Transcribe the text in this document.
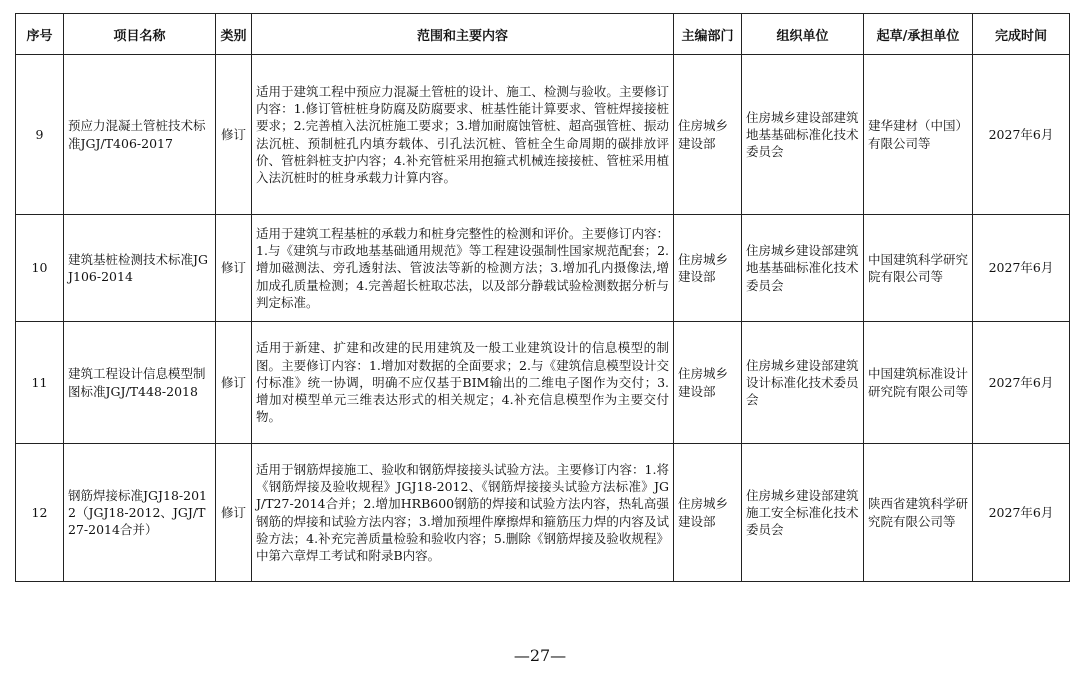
序号	项目名称	类别	范围和主要内容	主编部门	组织单位	起草/承担单位	完成时间
9	预应力混凝土管桩技术标准JGJ/T406-2017	修订	适用于建筑工程中预应力混凝土管桩的设计、施工、检测与验收。主要修订内容：1.修订管桩桩身防腐及防腐要求、桩基性能计算要求、管桩焊接接桩要求；2.完善植入法沉桩施工要求；3.增加耐腐蚀管桩、超高强管桩、振动法沉桩、预制桩孔内填夯载体、引孔法沉桩、管桩全生命周期的碳排放评价、管桩斜桩支护内容；4.补充管桩采用抱箍式机械连接接桩、管桩采用植入法沉桩时的桩身承载力计算内容。	住房城乡建设部	住房城乡建设部建筑地基基础标准化技术委员会	建华建材（中国）有限公司等	2027年6月
10	建筑基桩检测技术标准JGJ106-2014	修订	适用于建筑工程基桩的承载力和桩身完整性的检测和评价。主要修订内容：1.与《建筑与市政地基基础通用规范》等工程建设强制性国家规范配套；2.增加磁测法、旁孔透射法、管波法等新的检测方法；3.增加孔内摄像法,增加成孔质量检测；4.完善超长桩取芯法，以及部分静载试验检测数据分析与判定标准。	住房城乡建设部	住房城乡建设部建筑地基基础标准化技术委员会	中国建筑科学研究院有限公司等	2027年6月
11	建筑工程设计信息模型制图标准JGJ/T448-2018	修订	适用于新建、扩建和改建的民用建筑及一般工业建筑设计的信息模型的制图。主要修订内容：1.增加对数据的全面要求；2.与《建筑信息模型设计交付标准》统一协调，明确不应仅基于BIM输出的二维电子图作为交付；3.增加对模型单元三维表达形式的相关规定；4.补充信息模型作为主要交付物。	住房城乡建设部	住房城乡建设部建筑设计标准化技术委员会	中国建筑标准设计研究院有限公司等	2027年6月
12	钢筋焊接标准JGJ18-2012（JGJ18-2012、JGJ/T27-2014合并）	修订	适用于钢筋焊接施工、验收和钢筋焊接接头试验方法。主要修订内容：1.将《钢筋焊接及验收规程》JGJ18-2012、《钢筋焊接接头试验方法标准》JGJ/T27-2014合并；2.增加HRB600钢筋的焊接和试验方法内容，热轧高强钢筋的焊接和试验方法内容；3.增加预埋件摩擦焊和箍筋压力焊的内容及试验方法；4.补充完善质量检验和验收内容；5.删除《钢筋焊接及验收规程》中第六章焊工考试和附录B内容。	住房城乡建设部	住房城乡建设部建筑施工安全标准化技术委员会	陕西省建筑科学研究院有限公司等	2027年6月
—27—
